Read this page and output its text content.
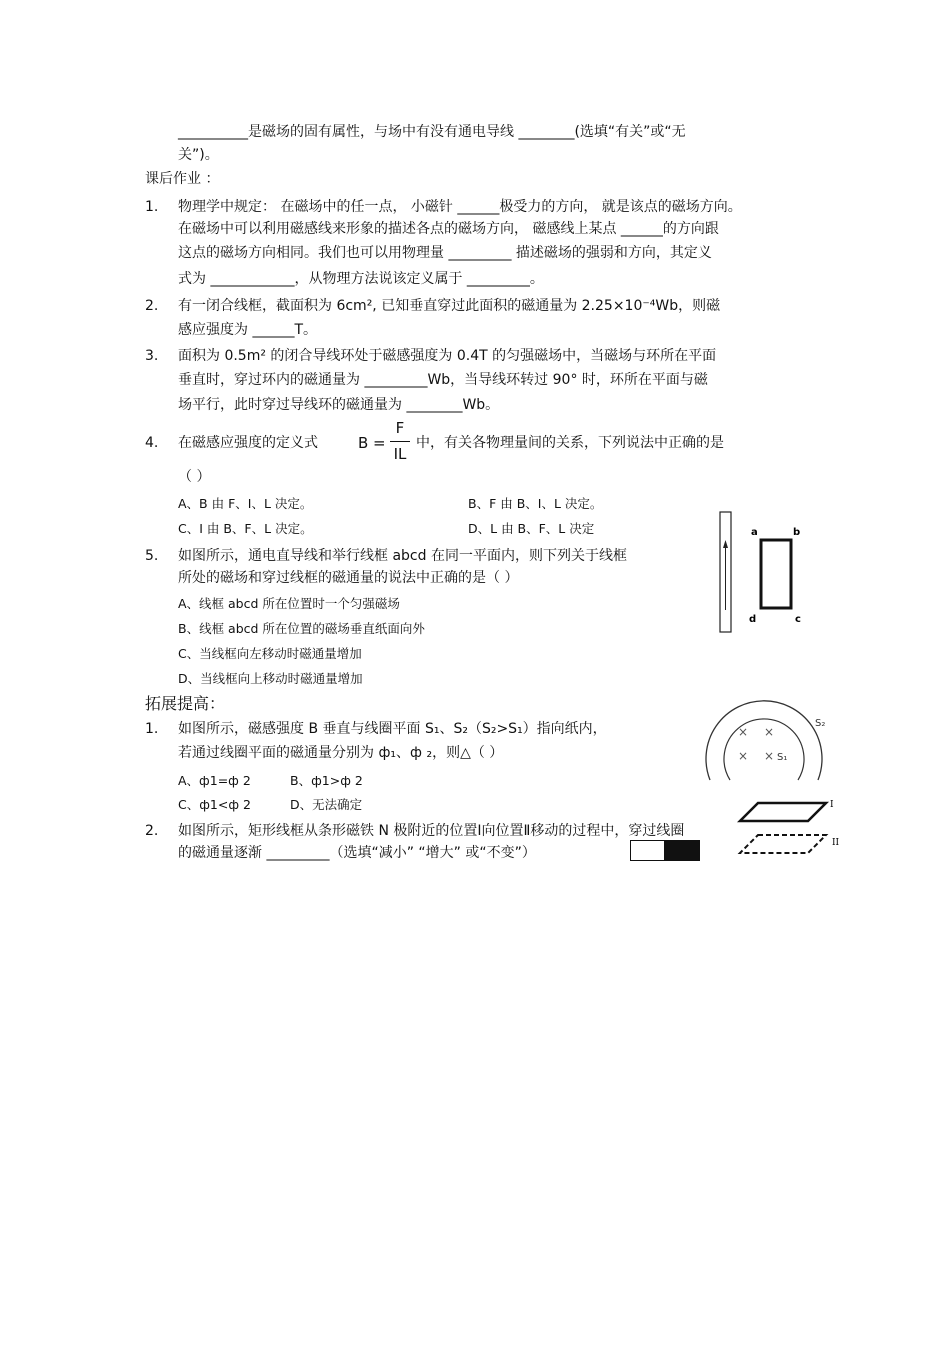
__________是磁场的固有属性，与场中有没有通电导线 ________(选填“有关”或“无
关”)。
课后作业 ：
1. 物理学中规定： 在磁场中的任一点， 小磁针 ______极受力的方向， 就是该点的磁场方向。
在磁场中可以利用磁感线来形象的描述各点的磁场方向， 磁感线上某点 ______的方向跟
这点的磁场方向相同。我们也可以用物理量 _________ 描述磁场的强弱和方向，其定义
式为 ____________，从物理方法说该定义属于 _________。
2. 有一闭合线框，截面积为 6cm², 已知垂直穿过此面积的磁通量为 2.25×10⁻⁴Wb，则磁
感应强度为 ______T。
3. 面积为 0.5m² 的闭合导线环处于磁感强度为 0.4T 的匀强磁场中，当磁场与环所在平面
垂直时，穿过环内的磁通量为 _________Wb，当导线环转过 90° 时，环所在平面与磁
场平行，此时穿过导线环的磁通量为 ________Wb。
4. 在磁感应强度的定义式	B =
F
IL
中，有关各物理量间的关系，下列说法中正确的是
（ ）
A、B 由 F、I、L 决定。	B、F 由 B、I、L 决定。
C、I 由 B、F、L 决定。	D、L 由 B、F、L 决定
5. 如图所示，通电直导线和举行线框 abcd 在同一平面内，则下列关于线框
所处的磁场和穿过线框的磁通量的说法中正确的是（ ）
A、线框 abcd 所在位置时一个匀强磁场
B、线框 abcd 所在位置的磁场垂直纸面向外
C、当线框向左移动时磁通量增加
D、当线框向上移动时磁通量增加
a	b
c
d
拓展提高：
1. 如图所示，磁感强度 B 垂直与线圈平面 S₁、S₂（S₂>S₁）指向纸内，
若通过线圈平面的磁通量分别为 ф₁、ф ₂，则△（ ）
A、ф1=ф 2	B、ф1>ф 2
C、ф1<ф 2	D、无法确定
× ×
× × S₁
S₂
2. 如图所示，矩形线框从条形磁铁 N 极附近的位置Ⅰ向位置Ⅱ移动的过程中，穿过线圈
的磁通量逐渐 _________（选填“减小” “增大” 或“不变”）
I
II
